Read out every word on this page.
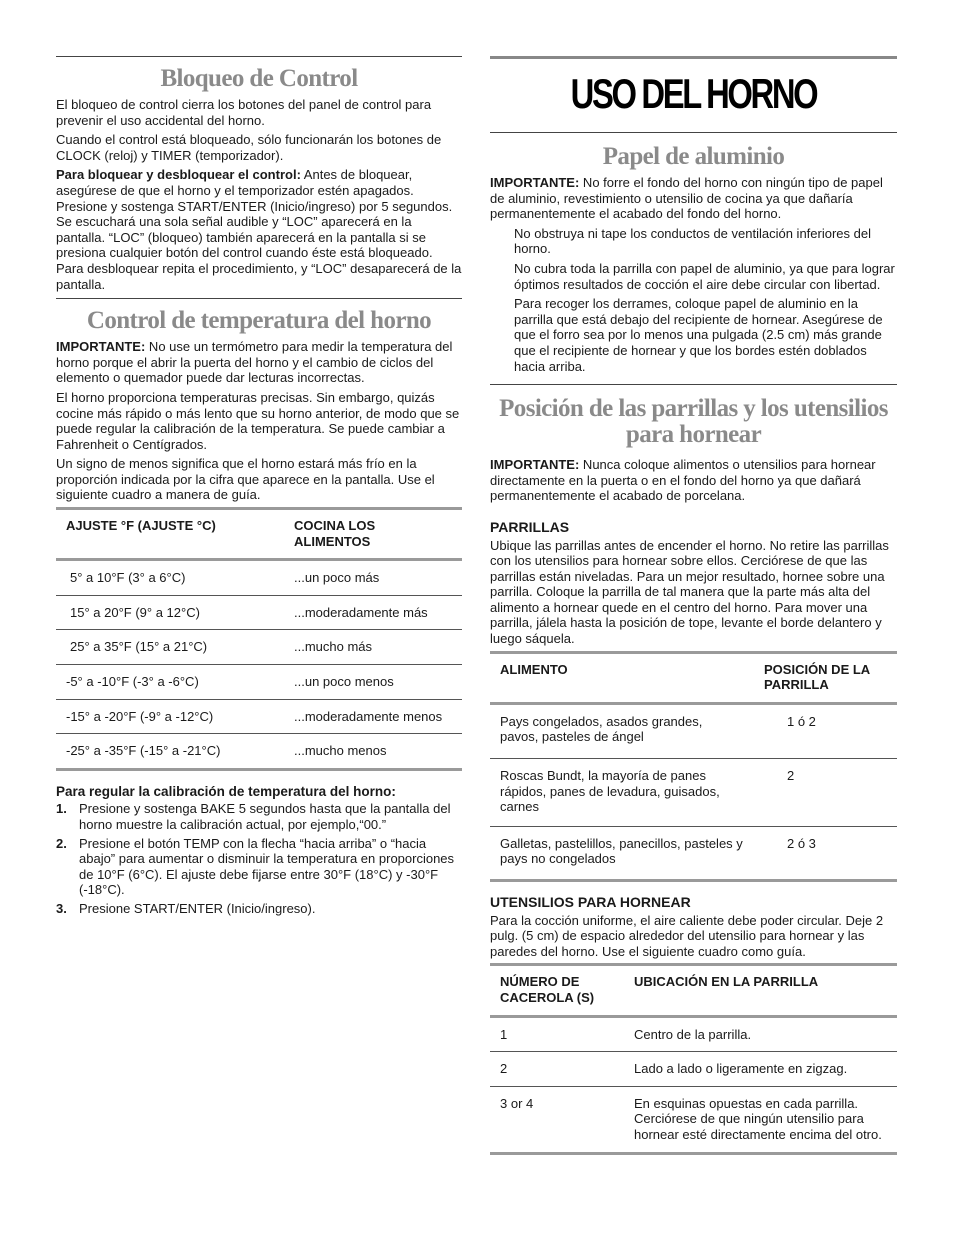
Bloqueo de Control

El bloqueo de control cierra los botones del panel de control para prevenir el uso accidental del horno.

Cuando el control está bloqueado, sólo funcionarán los botones de CLOCK (reloj) y TIMER (temporizador).

Para bloquear y desbloquear el control: Antes de bloquear, asegúrese de que el horno y el temporizador estén apagados. Presione y sostenga START/ENTER (Inicio/ingreso) por 5 segundos. Se escuchará una sola señal audible y “LOC” aparecerá en la pantalla. “LOC” (bloqueo) también aparecerá en la pantalla si se presiona cualquier botón del control cuando éste está bloqueado. Para desbloquear repita el procedimiento, y “LOC” desaparecerá de la pantalla.

Control de temperatura del horno

IMPORTANTE: No use un termómetro para medir la temperatura del horno porque el abrir la puerta del horno y el cambio de ciclos del elemento o quemador puede dar lecturas incorrectas.

El horno proporciona temperaturas precisas. Sin embargo, quizás cocine más rápido o más lento que su horno anterior, de modo que se puede regular la calibración de la temperatura. Se puede cambiar a Fahrenheit o Centígrados.

Un signo de menos significa que el horno estará más frío en la proporción indicada por la cifra que aparece en la pantalla. Use el siguiente cuadro a manera de guía.

AJUSTE °F (AJUSTE °C)	COCINA LOS ALIMENTOS
5° a 10°F (3° a 6°C)	...un poco más
15° a 20°F (9° a 12°C)	...moderadamente más
25° a 35°F (15° a 21°C)	...mucho más
-5° a -10°F (-3° a -6°C)	...un poco menos
-15° a -20°F (-9° a -12°C)	...moderadamente menos
-25° a -35°F (-15° a -21°C)	...mucho menos

Para regular la calibración de temperatura del horno:

1. Presione y sostenga BAKE 5 segundos hasta que la pantalla del horno muestre la calibración actual, por ejemplo,“00.”
2. Presione el botón TEMP con la flecha “hacia arriba” o “hacia abajo” para aumentar o disminuir la temperatura en proporciones de 10°F (6°C). El ajuste debe fijarse entre 30°F (18°C) y -30°F (-18°C).
3. Presione START/ENTER (Inicio/ingreso).
USO DEL HORNO
Papel de aluminio

IMPORTANTE: No forre el fondo del horno con ningún tipo de papel de aluminio, revestimiento o utensilio de cocina ya que dañaría permanentemente el acabado del fondo del horno.

No obstruya ni tape los conductos de ventilación inferiores del horno.

No cubra toda la parrilla con papel de aluminio, ya que para lograr óptimos resultados de cocción el aire debe circular con libertad.

Para recoger los derrames, coloque papel de aluminio en la parrilla que está debajo del recipiente de hornear. Asegúrese de que el forro sea por lo menos una pulgada (2.5 cm) más grande que el recipiente de hornear y que los bordes estén doblados hacia arriba.

Posición de las parrillas y los utensilios para hornear

IMPORTANTE: Nunca coloque alimentos o utensilios para hornear directamente en la puerta o en el fondo del horno ya que dañará permanentemente el acabado de porcelana.

PARRILLAS

Ubique las parrillas antes de encender el horno. No retire las parrillas con los utensilios para hornear sobre ellos. Cerciórese de que las parrillas están niveladas. Para un mejor resultado, hornee sobre una parrilla. Coloque la parrilla de tal manera que la parte más alta del alimento a hornear quede en el centro del horno. Para mover una parrilla, jálela hasta la posición de tope, levante el borde delantero y luego sáquela.

ALIMENTO	POSICIÓN DE LA PARRILLA
Pays congelados, asados grandes, pavos, pasteles de ángel	1 ó 2
Roscas Bundt, la mayoría de panes rápidos, panes de levadura, guisados, carnes	2
Galletas, pastelillos, panecillos, pasteles y pays no congelados	2 ó 3

UTENSILIOS PARA HORNEAR

Para la cocción uniforme, el aire caliente debe poder circular. Deje 2 pulg. (5 cm) de espacio alrededor del utensilio para hornear y las paredes del horno. Use el siguiente cuadro como guía.

NÚMERO DE CACEROLA (S)	UBICACIÓN EN LA PARRILLA
1	Centro de la parrilla.
2	Lado a lado o ligeramente en zigzag.
3 or 4	En esquinas opuestas en cada parrilla. Cerciórese de que ningún utensilio para hornear esté directamente encima del otro.
